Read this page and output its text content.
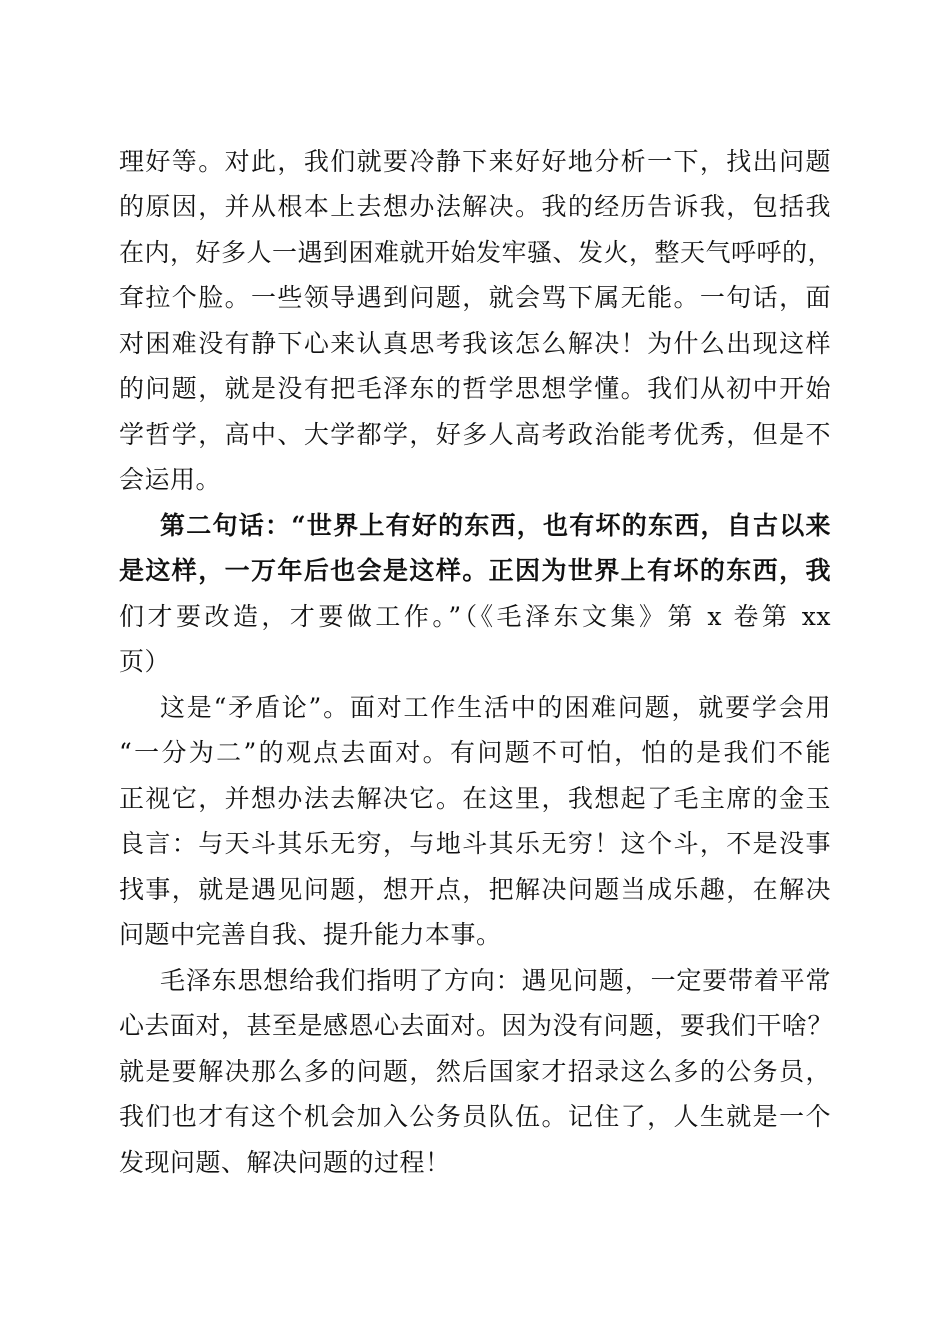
理好等。对此，我们就要冷静下来好好地分析一下，找出问题
的原因，并从根本上去想办法解决。我的经历告诉我，包括我
在内，好多人一遇到困难就开始发牢骚、发火，整天气呼呼的，
耷拉个脸。一些领导遇到问题，就会骂下属无能。一句话，面
对困难没有静下心来认真思考我该怎么解决！为什么出现这样
的问题，就是没有把毛泽东的哲学思想学懂。我们从初中开始
学哲学，高中、大学都学，好多人高考政治能考优秀，但是不
会运用。
第二句话：“世界上有好的东西，也有坏的东西，自古以来
是这样，一万年后也会是这样。正因为世界上有坏的东西，我
们才要改造，才要做工作。”（《毛泽东文集》第 x 卷第 xx
页）
这是“矛盾论”。面对工作生活中的困难问题，就要学会用
“一分为二”的观点去面对。有问题不可怕，怕的是我们不能
正视它，并想办法去解决它。在这里，我想起了毛主席的金玉
良言：与天斗其乐无穷，与地斗其乐无穷！这个斗，不是没事
找事，就是遇见问题，想开点，把解决问题当成乐趣，在解决
问题中完善自我、提升能力本事。
毛泽东思想给我们指明了方向：遇见问题，一定要带着平常
心去面对，甚至是感恩心去面对。因为没有问题，要我们干啥？
就是要解决那么多的问题，然后国家才招录这么多的公务员，
我们也才有这个机会加入公务员队伍。记住了，人生就是一个
发现问题、解决问题的过程！
